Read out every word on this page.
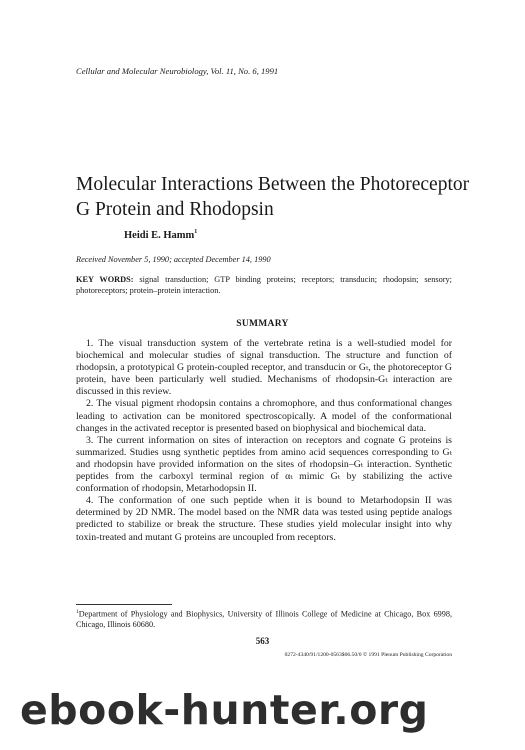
Cellular and Molecular Neurobiology, Vol. 11, No. 6, 1991
Molecular Interactions Between the Photoreceptor G Protein and Rhodopsin
Heidi E. Hamm$^1$
Received November 5, 1990; accepted December 14, 1990
KEY WORDS: signal transduction; GTP binding proteins; receptors; transducin; rhodopsin; sensory; photoreceptors; protein–protein interaction.
SUMMARY

1. The visual transduction system of the vertebrate retina is a well-studied model for biochemical and molecular studies of signal transduction. The structure and function of rhodopsin, a prototypical G protein-coupled receptor, and transducin or Gₜ, the photoreceptor G protein, have been particularly well studied. Mechanisms of rhodopsin-Gₜ interaction are discussed in this review.

2. The visual pigment rhodopsin contains a chromophore, and thus conformational changes leading to activation can be monitored spectroscopically. A model of the conformational changes in the activated receptor is presented based on biophysical and biochemical data.

3. The current information on sites of interaction on receptors and cognate G proteins is summarized. Studies usng synthetic peptides from amino acid sequences corresponding to Gₜ and rhodopsin have provided information on the sites of rhodopsin–Gₜ interaction. Synthetic peptides from the carboxyl terminal region of αₜ mimic Gₜ by stabilizing the active conformation of rhodopsin, Metarhodopsin II.

4. The conformation of one such peptide when it is bound to Metarhodopsin II was determined by 2D NMR. The model based on the NMR data was tested using peptide analogs predicted to stabilize or break the structure. These studies yield molecular insight into why toxin-treated and mutant G proteins are uncoupled from receptors.

$^1$Department of Physiology and Biophysics, University of Illinois College of Medicine at Chicago, Box 6998, Chicago, Illinois 60680.
563
0272-4340/91/1200-0563$06.50/0 © 1991 Plenum Publishing Corporation
ebook-hunter.org
